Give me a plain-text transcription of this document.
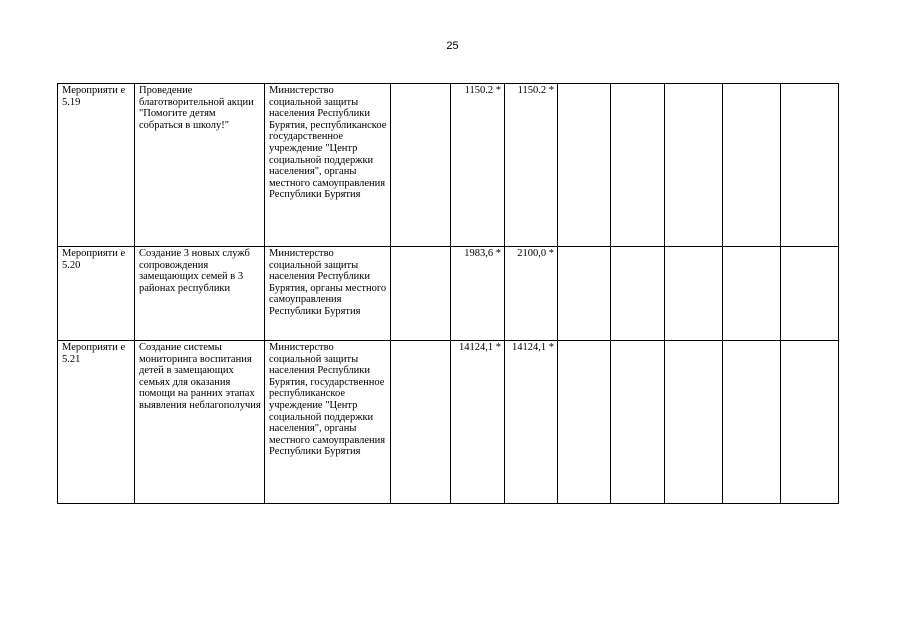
25
Мероприяти е 5.19	Проведение благотворительной акции "Помогите детям собраться в школу!"	Министерство социальной защиты населения Республики Бурятия, республиканское государственное учреждение "Центр социальной поддержки населения", органы местного самоуправления Республики Бурятия		1150.2 *	1150.2 *					
Мероприяти е 5.20	Создание 3 новых служб сопровождения замещающих семей в 3 районах республики	Министерство социальной защиты населения Республики Бурятия, органы местного самоуправления Республики Бурятия		1983,6 *	2100,0 *					
Мероприяти е 5.21	Создание системы мониторинга воспитания детей в замещающих семьях для оказания помощи на ранних этапах выявления неблагополучия	Министерство социальной защиты населения Республики Бурятия, государственное республиканское учреждение "Центр социальной поддержки населения", органы местного самоуправления Республики Бурятия		14124,1 *	14124,1 *					
